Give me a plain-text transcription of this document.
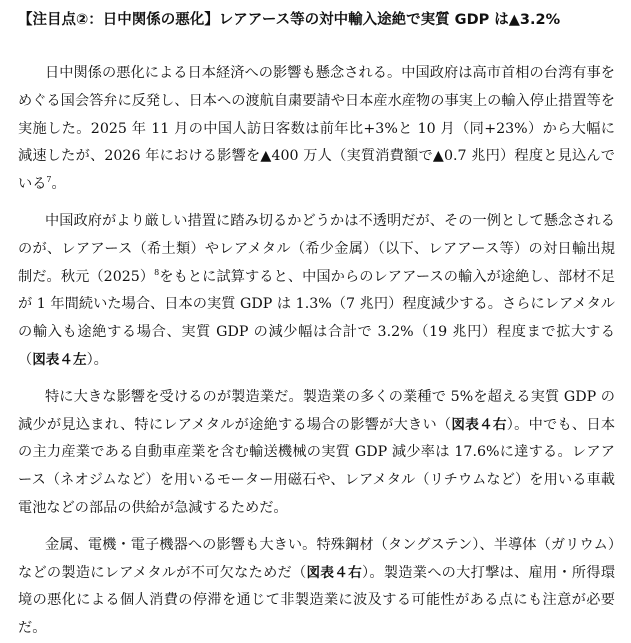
【注目点②：日中関係の悪化】レアアース等の対中輸入途絶で実質 GDP は▲3.2%

日中関係の悪化による日本経済への影響も懸念される。中国政府は高市首相の台湾有事をめぐる国会答弁に反発し、日本への渡航自粛要請や日本産水産物の事実上の輸入停止措置等を実施した。2025 年 11 月の中国人訪日客数は前年比+3%と 10 月（同+23%）から大幅に減速したが、2026 年における影響を▲400 万人（実質消費額で▲0.7 兆円）程度と見込んでいる$^7$。

中国政府がより厳しい措置に踏み切るかどうかは不透明だが、その一例として懸念されるのが、レアアース（希土類）やレアメタル（希少金属）（以下、レアアース等）の対日輸出規制だ。秋元$(2025)^8$をもとに試算すると、中国からのレアアースの輸入が途絶し、部材不足が 1 年間続いた場合、日本の実質 GDP は 1.3%（7 兆円）程度減少する。さらにレアメタルの輸入も途絶する場合、実質 GDP の減少幅は合計で 3.2%（19 兆円）程度まで拡大する（図表４左）。

特に大きな影響を受けるのが製造業だ。製造業の多くの業種で 5%を超える実質 GDP の減少が見込まれ、特にレアメタルが途絶する場合の影響が大きい（図表４右）。中でも、日本の主力産業である自動車産業を含む輸送機械の実質 GDP 減少率は 17.6%に達する。レアアース（ネオジムなど）を用いるモーター用磁石や、レアメタル（リチウムなど）を用いる車載電池などの部品の供給が急減するためだ。

金属、電機・電子機器への影響も大きい。特殊鋼材（タングステン）、半導体（ガリウム）などの製造にレアメタルが不可欠なためだ（図表４右）。製造業への大打撃は、雇用・所得環境の悪化による個人消費の停滞を通じて非製造業に波及する可能性がある点にも注意が必要だ。
